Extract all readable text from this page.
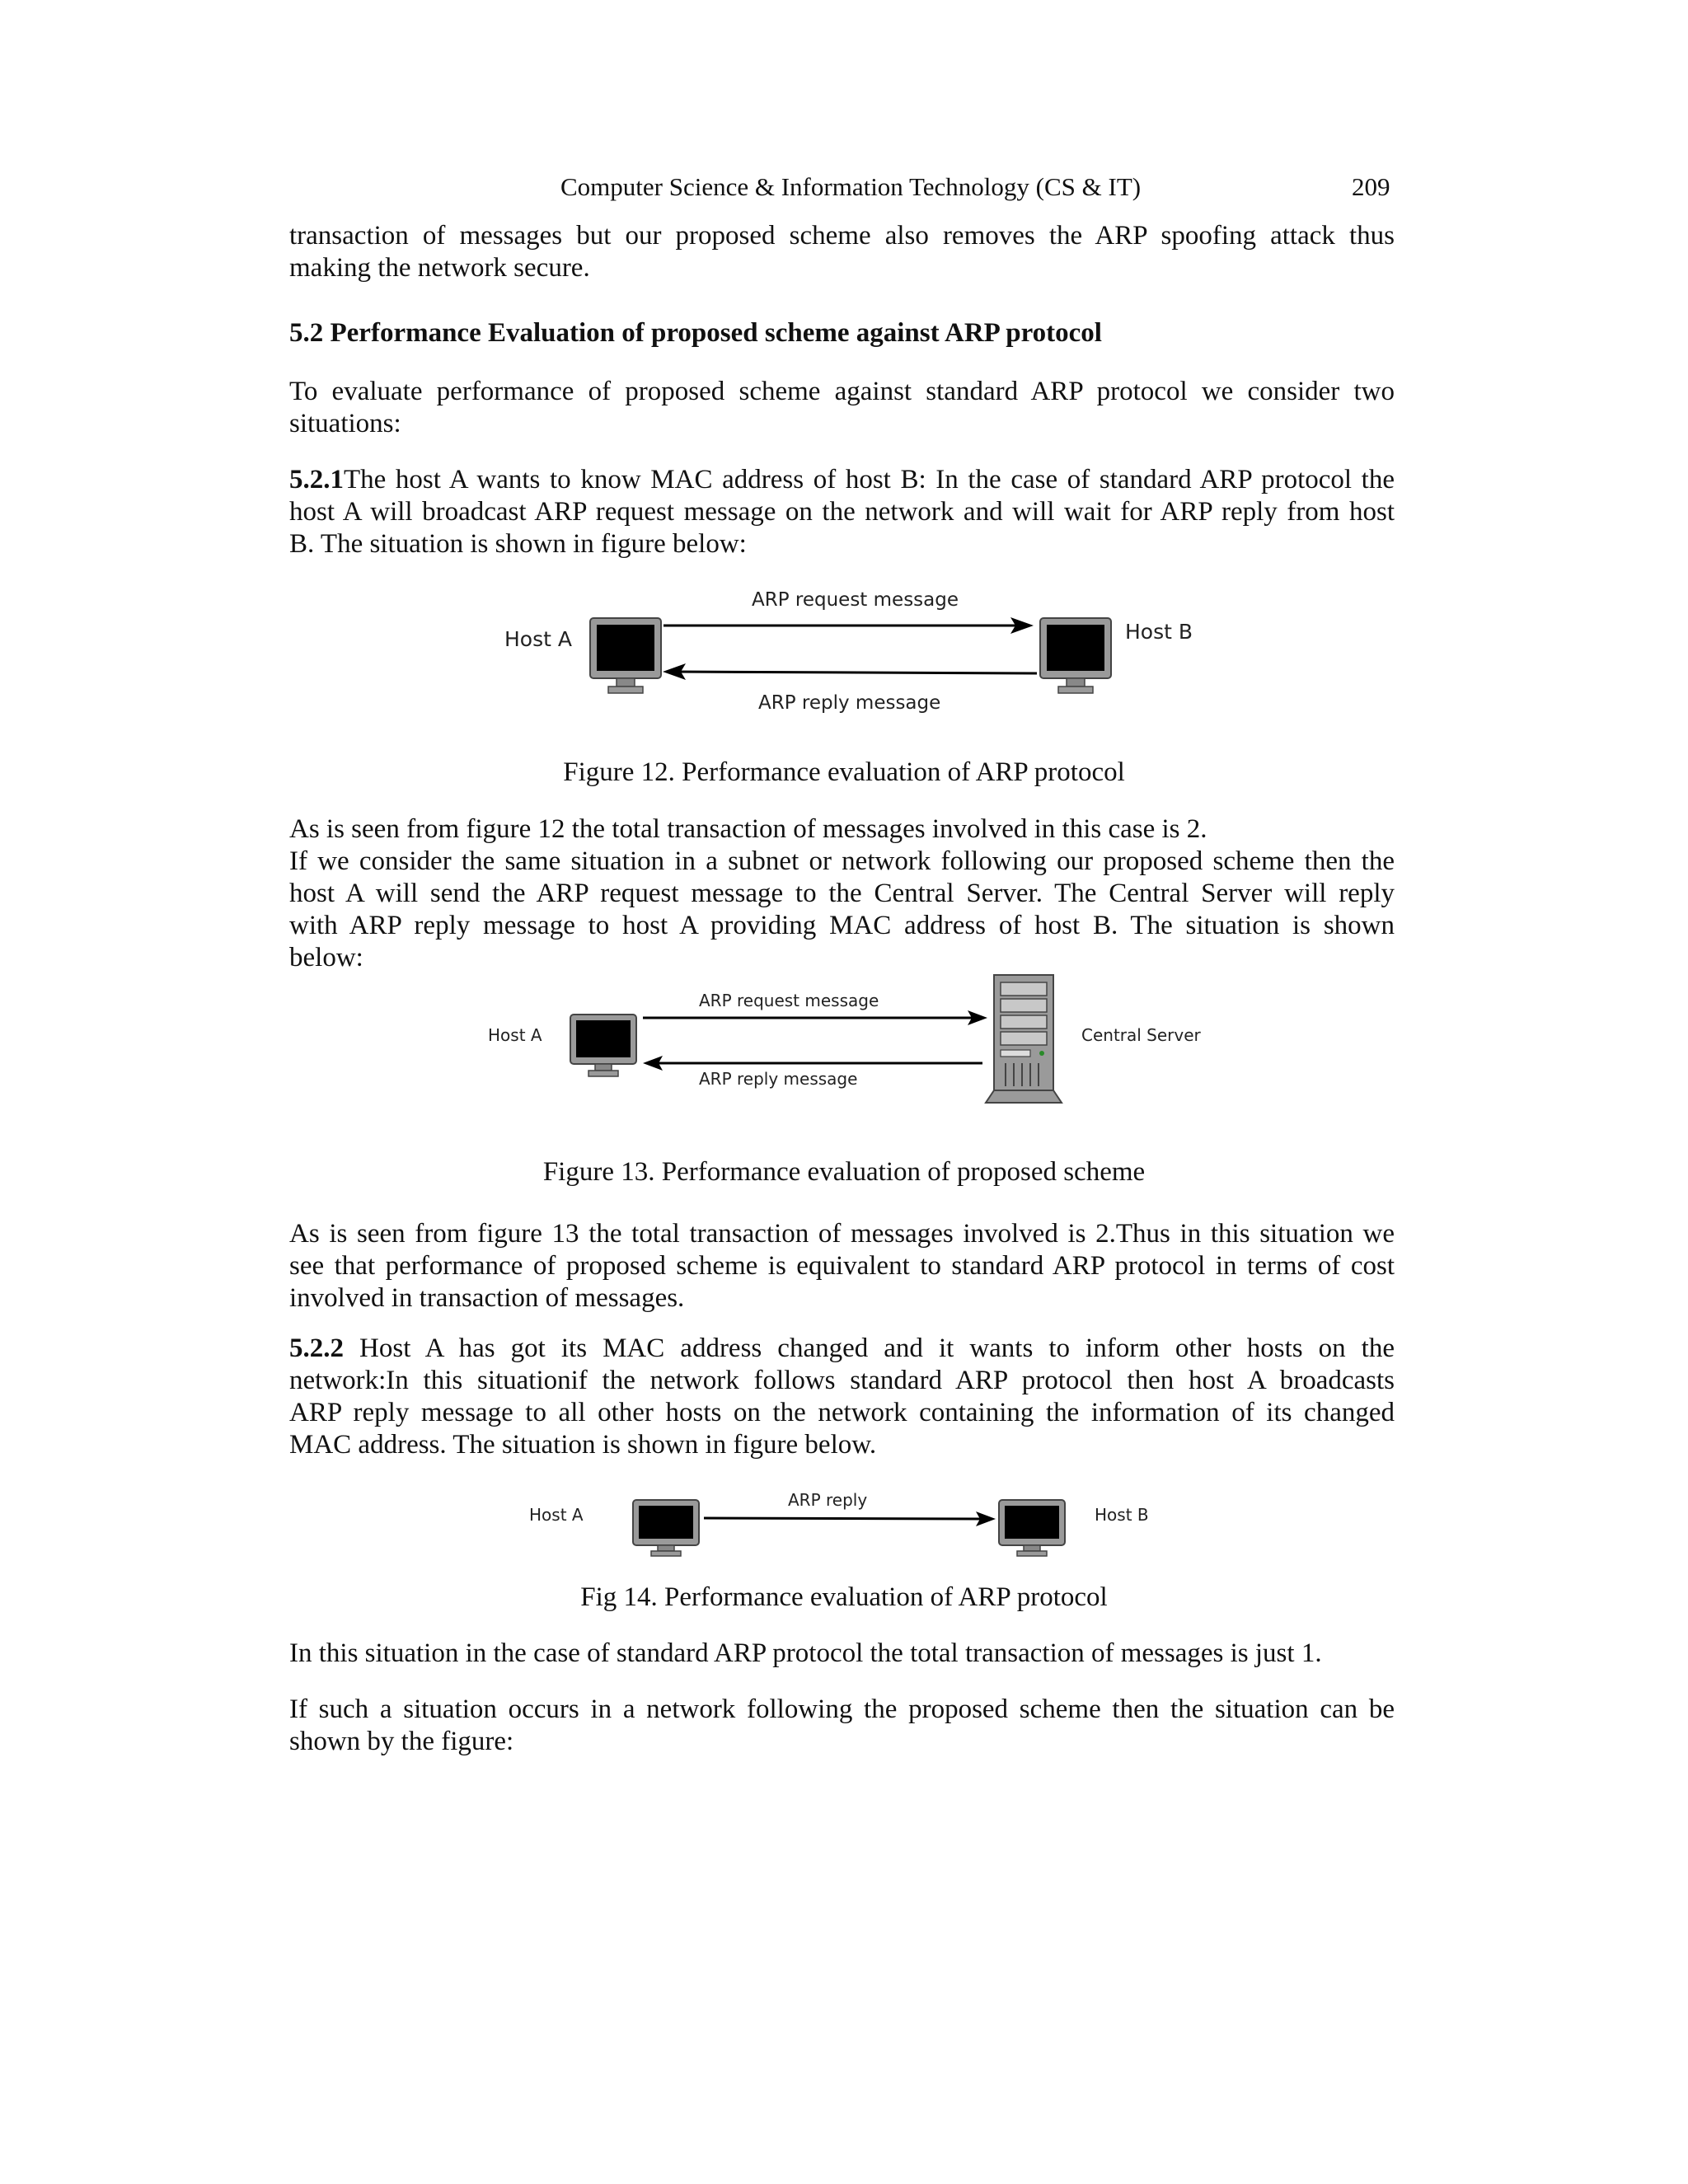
Computer Science & Information Technology (CS & IT)	209
transaction of messages but our proposed scheme also removes the ARP spoofing attack thus
making the network secure.
5.2 Performance Evaluation of proposed scheme against ARP protocol
To evaluate performance of proposed scheme against standard ARP protocol we consider two
situations:
5.2.1The host A wants to know MAC address of host B: In the case of standard ARP protocol the
host A will broadcast ARP request message on the network and will wait for ARP reply from host
B. The situation is shown in figure below:
Host A
ARP request message
ARP reply message
Host B
Figure 12. Performance evaluation of ARP protocol
As is seen from figure 12 the total transaction of messages involved in this case is 2.
If we consider the same situation in a subnet or network following our proposed scheme then the
host A will send the ARP request message to the Central Server. The Central Server will reply
with ARP reply message to host A providing MAC address of host B. The situation is shown
below:
Host A
ARP request message
ARP reply message
Central Server
Figure 13. Performance evaluation of proposed scheme
As is seen from figure 13 the total transaction of messages involved is 2.Thus in this situation we
see that performance of proposed scheme is equivalent to standard ARP protocol in terms of cost
involved in transaction of messages.
5.2.2 Host A has got its MAC address changed and it wants to inform other hosts on the
network:In this situationif the network follows standard ARP protocol then host A broadcasts
ARP reply message to all other hosts on the network containing the information of its changed
MAC address. The situation is shown in figure below.
Host A
ARP reply
Host B
Fig 14. Performance evaluation of ARP protocol
In this situation in the case of standard ARP protocol the total transaction of messages is just 1.
If such a situation occurs in a network following the proposed scheme then the situation can be
shown by the figure:
